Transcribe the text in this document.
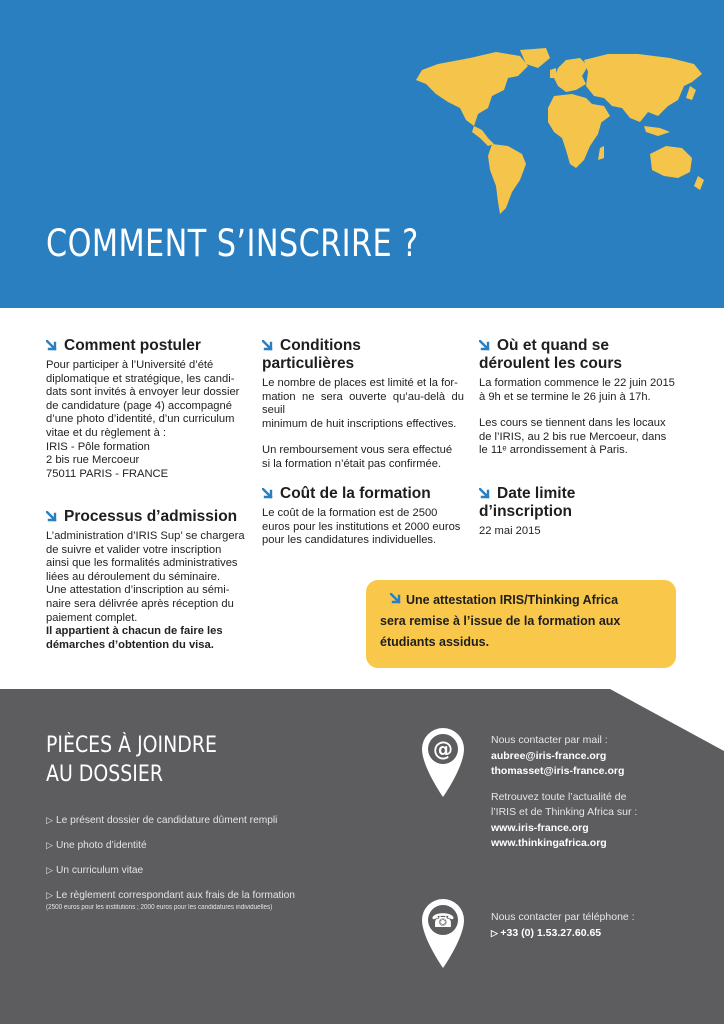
COMMENT S’INSCRIRE ?
Comment postuler

Pour participer à l’Université d’été

diplomatique et stratégique, les candi-

dats sont invités à envoyer leur dossier

de candidature (page 4) accompagné

d’une photo d’identité, d’un curriculum

vitae et du règlement à :

IRIS - Pôle formation

2 bis rue Mercoeur

75011 PARIS - FRANCE

Processus d’admission

L’administration d’IRIS Sup’ se chargera

de suivre et valider votre inscription

ainsi que les formalités administratives

liées au déroulement du séminaire.

Une attestation d’inscription au sémi-

naire sera délivrée après réception du

paiement complet.

Il appartient à chacun de faire les

démarches d’obtention du visa.

Conditions
particulières

Le nombre de places est limité et la for-

mation ne sera ouverte qu’au-delà du seuil

minimum de huit inscriptions effectives.

Un remboursement vous sera effectué

si la formation n’était pas confirmée.

Coût de la formation

Le coût de la formation est de 2500

euros pour les institutions et 2000 euros

pour les candidatures individuelles.

Où et quand se
déroulent les cours

La formation commence le 22 juin 2015

à 9h et se termine le 26 juin à 17h.

Les cours se tiennent dans les locaux

de l’IRIS, au 2 bis rue Mercoeur, dans

le 11ᵉ arrondissement à Paris.

Date limite
d’inscription

22 mai 2015

Une attestation IRIS/Thinking Africa
sera remise à l’issue de la formation aux
étudiants assidus.
PIÈCES À JOINDRE
AU DOSSIER
▷ Le présent dossier de candidature dûment rempli
▷ Une photo d’identité
▷ Un curriculum vitae
▷ Le règlement correspondant aux frais de la formation
(2500 euros pour les institutions ; 2000 euros pour les candidatures individuelles)
@	Nous contacter par mail :
aubree@iris-france.org
thomasset@iris-france.org
Retrouvez toute l’actualité de
l’IRIS et de Thinking Africa sur :
www.iris-france.org
www.thinkingafrica.org
☎	Nous contacter par téléphone :
▷ +33 (0) 1.53.27.60.65
